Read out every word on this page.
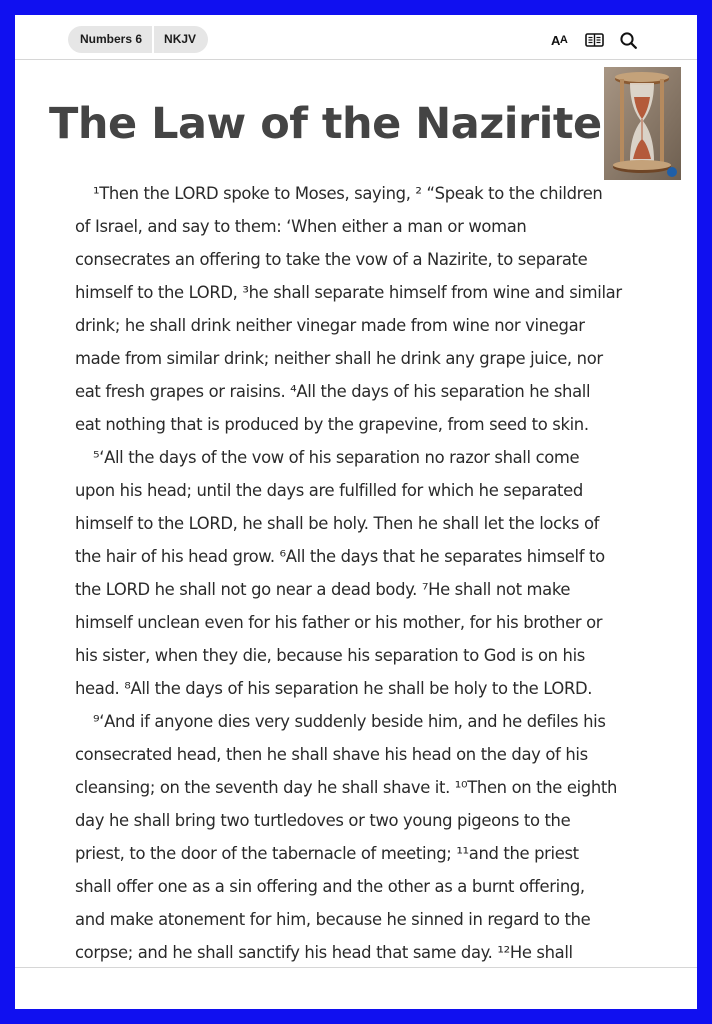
Numbers 6	NKJV	A A
The Law of the Nazirite
¹Then the LORD spoke to Moses, saying, ² “Speak to the children
of Israel, and say to them: ‘When either a man or woman
consecrates an offering to take the vow of a Nazirite, to separate
himself to the LORD, ³he shall separate himself from wine and similar
drink; he shall drink neither vinegar made from wine nor vinegar
made from similar drink; neither shall he drink any grape juice, nor
eat fresh grapes or raisins. ⁴All the days of his separation he shall
eat nothing that is produced by the grapevine, from seed to skin.
⁵‘All the days of the vow of his separation no razor shall come
upon his head; until the days are fulfilled for which he separated
himself to the LORD, he shall be holy. Then he shall let the locks of
the hair of his head grow. ⁶All the days that he separates himself to
the LORD he shall not go near a dead body. ⁷He shall not make
himself unclean even for his father or his mother, for his brother or
his sister, when they die, because his separation to God is on his
head. ⁸All the days of his separation he shall be holy to the LORD.
⁹‘And if anyone dies very suddenly beside him, and he defiles his
consecrated head, then he shall shave his head on the day of his
cleansing; on the seventh day he shall shave it. ¹⁰Then on the eighth
day he shall bring two turtledoves or two young pigeons to the
priest, to the door of the tabernacle of meeting; ¹¹and the priest
shall offer one as a sin offering and the other as a burnt offering,
and make atonement for him, because he sinned in regard to the
corpse; and he shall sanctify his head that same day. ¹²He shall
